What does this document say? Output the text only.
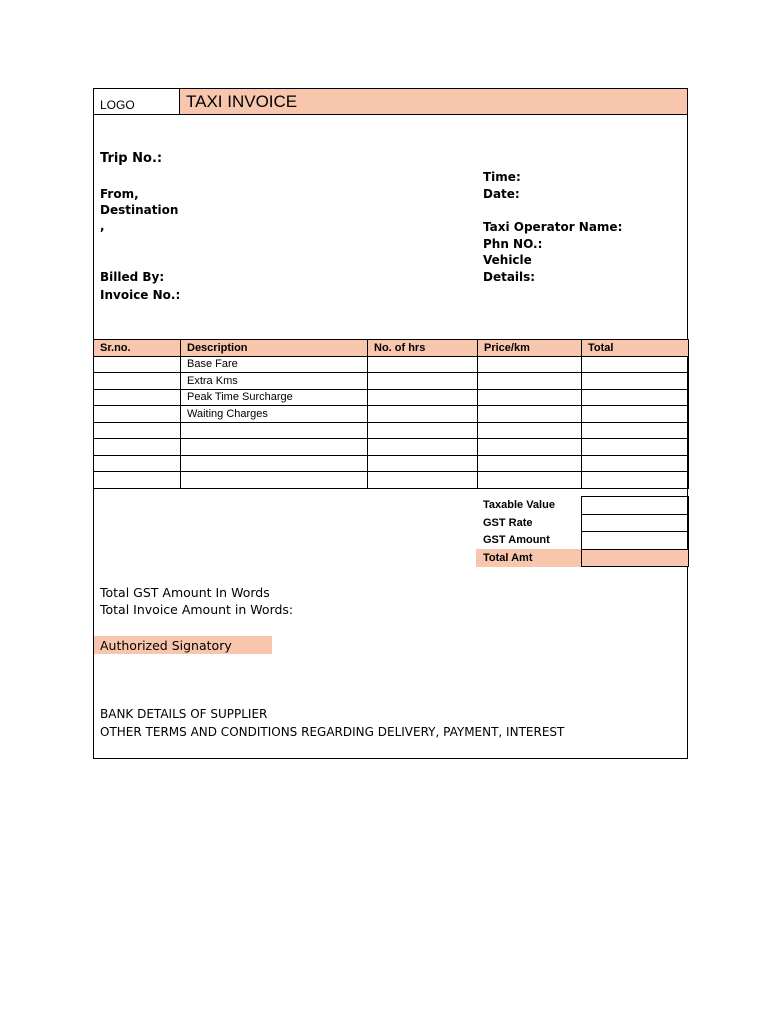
LOGO	TAXI INVOICE
Trip No.:
From,
Destination
,
Billed By:
Invoice No.:
Time:
Date:
Taxi Operator Name:
Phn NO.:
Vehicle
Details:
Sr.no.	Description	No. of hrs	Price/km	Total
	Base Fare			
	Extra Kms			
	Peak Time Surcharge			
	Waiting Charges			

Taxable Value	
GST Rate	
GST Amount	
Total Amt	
Total GST Amount In Words
Total Invoice Amount in Words:
Authorized Signatory
BANK DETAILS OF SUPPLIER
OTHER TERMS AND CONDITIONS REGARDING DELIVERY, PAYMENT, INTEREST
